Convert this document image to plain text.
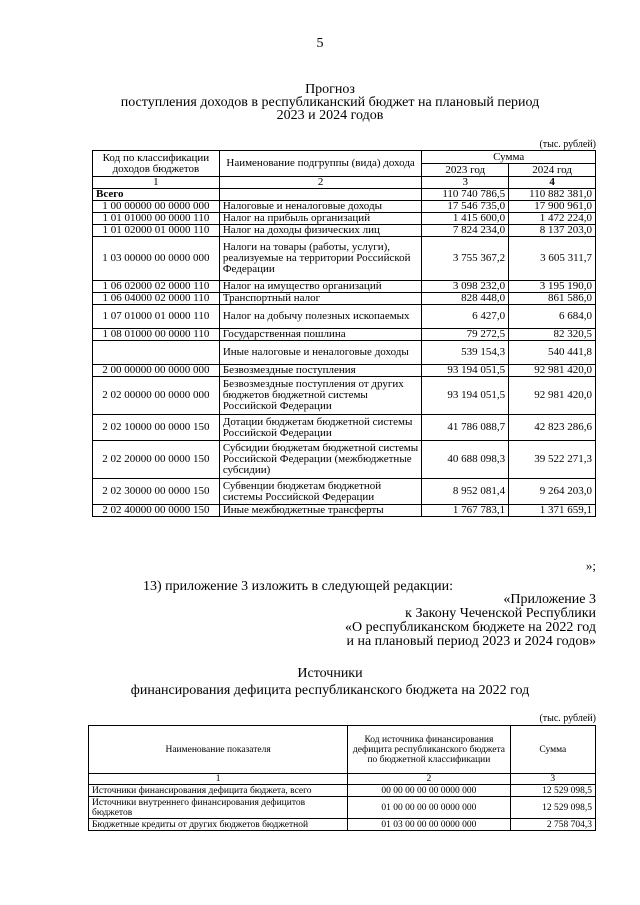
5
Прогноз
поступления доходов в республиканский бюджет на плановый период
2023 и 2024 годов
(тыс. рублей)
Код по классификации доходов бюджетов	Наименование подгруппы (вида) дохода	Сумма	
		2023 год	2024 год
1	2	3	4
Всего		110 740 786,5	110 882 381,0
1 00 00000 00 0000 000	Налоговые и неналоговые доходы	17 546 735,0	17 900 961,0
1 01 01000 00 0000 110	Налог на прибыль организаций	1 415 600,0	1 472 224,0
1 01 02000 01 0000 110	Налог на доходы физических лиц	7 824 234,0	8 137 203,0
1 03 00000 00 0000 000	Налоги на товары (работы, услуги), реализуемые на территории Российской Федерации	3 755 367,2	3 605 311,7
1 06 02000 02 0000 110	Налог на имущество организаций	3 098 232,0	3 195 190,0
1 06 04000 02 0000 110	Транспортный налог	828 448,0	861 586,0
1 07 01000 01 0000 110	Налог на добычу полезных ископаемых	6 427,0	6 684,0
1 08 01000 00 0000 110	Государственная пошлина	79 272,5	82 320,5
	Иные налоговые и неналоговые доходы	539 154,3	540 441,8
2 00 00000 00 0000 000	Безвозмездные поступления	93 194 051,5	92 981 420,0
2 02 00000 00 0000 000	Безвозмездные поступления от других бюджетов бюджетной системы Российской Федерации	93 194 051,5	92 981 420,0
2 02 10000 00 0000 150	Дотации бюджетам бюджетной системы Российской Федерации	41 786 088,7	42 823 286,6
2 02 20000 00 0000 150	Субсидии бюджетам бюджетной системы Российской Федерации (межбюджетные субсидии)	40 688 098,3	39 522 271,3
2 02 30000 00 0000 150	Субвенции бюджетам бюджетной системы Российской Федерации	8 952 081,4	9 264 203,0
2 02 40000 00 0000 150	Иные межбюджетные трансферты	1 767 783,1	1 371 659,1
»;
13) приложение 3 изложить в следующей редакции:
«Приложение 3
к Закону Чеченской Республики
«О республиканском бюджете на 2022 год
и на плановый период 2023 и 2024 годов»
Источники
финансирования дефицита республиканского бюджета на 2022 год
(тыс. рублей)
Наименование показателя	Код источника финансирования дефицита республиканского бюджета по бюджетной классификации	Сумма
1	2	3
Источники финансирования дефицита бюджета, всего	00 00 00 00 00 0000 000	12 529 098,5
Источники внутреннего финансирования дефицитов бюджетов	01 00 00 00 00 0000 000	12 529 098,5
Бюджетные кредиты от других бюджетов бюджетной	01 03 00 00 00 0000 000	2 758 704,3
